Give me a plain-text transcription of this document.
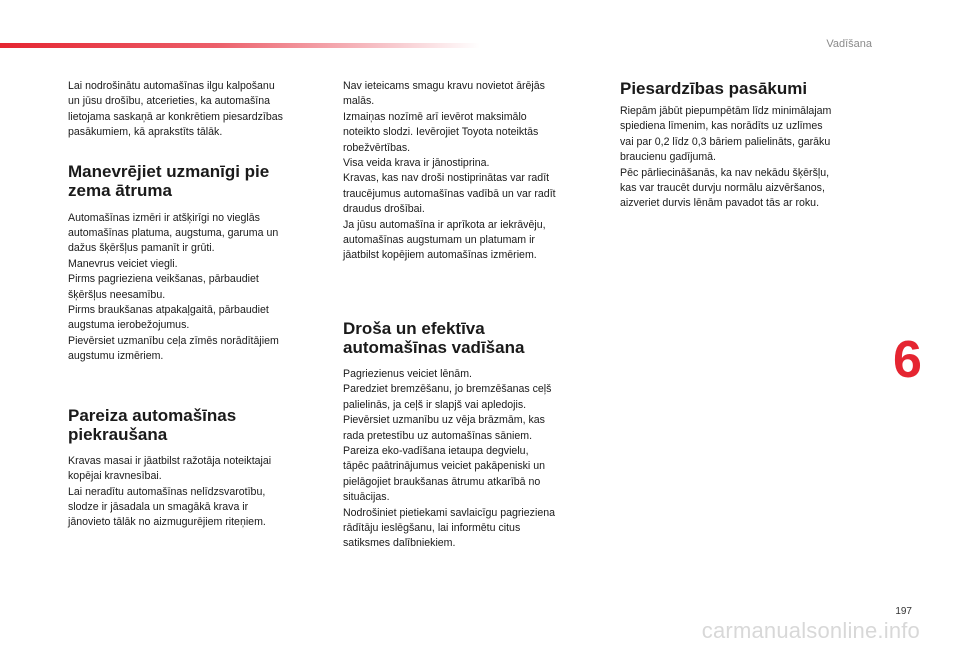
Vadīšana

Lai nodrošinātu automašīnas ilgu kalpošanu
un jūsu drošību, atcerieties, ka automašīna
lietojama saskaņā ar konkrētiem piesardzības
pasākumiem, kā aprakstīts tālāk.

Manevrējiet uzmanīgi pie
zema ātruma

Automašīnas izmēri ir atšķirīgi no vieglās
automašīnas platuma, augstuma, garuma un
dažus šķēršļus pamanīt ir grūti.
Manevrus veiciet viegli.
Pirms pagrieziena veikšanas, pārbaudiet
šķēršļus neesamību.
Pirms braukšanas atpakaļgaitā, pārbaudiet
augstuma ierobežojumus.
Pievērsiet uzmanību ceļa zīmēs norādītājiem
augstumu izmēriem.

Pareiza automašīnas
piekraušana

Kravas masai ir jāatbilst ražotāja noteiktajai
kopējai kravnesībai.
Lai neradītu automašīnas nelīdzsvarotību,
slodze ir jāsadala un smagākā krava ir
jānovieto tālāk no aizmugurējiem riteņiem.

Nav ieteicams smagu kravu novietot ārējās
malās.
Izmaiņas nozīmē arī ievērot maksimālo
noteikto slodzi. Ievērojiet Toyota noteiktās
robežvērtības.
Visa veida krava ir jānostiprina.
Kravas, kas nav droši nostiprinātas var radīt
traucējumus automašīnas vadībā un var radīt
draudus drošībai.
Ja jūsu automašīna ir aprīkota ar iekrāvēju,
automašīnas augstumam un platumam ir
jāatbilst kopējiem automašīnas izmēriem.

Droša un efektīva
automašīnas vadīšana

Pagriezienus veiciet lēnām.
Paredziet bremzēšanu, jo bremzēšanas ceļš
palielinās, ja ceļš ir slapjš vai apledojis.
Pievērsiet uzmanību uz vēja brāzmām, kas
rada pretestību uz automašīnas sāniem.
Pareiza eko-vadīšana ietaupa degvielu,
tāpēc paātrinājumus veiciet pakāpeniski un
pielāgojiet braukšanas ātrumu atkarībā no
situācijas.
Nodrošiniet pietiekami savlaicīgu pagrieziena
rādītāju ieslēgšanu, lai informētu citus
satiksmes dalībniekiem.

Piesardzības pasākumi

Riepām jābūt piepumpētām līdz minimālajam
spiediena līmenim, kas norādīts uz uzlīmes
vai par 0,2 līdz 0,3 bāriem palielināts, garāku
braucienu gadījumā.
Pēc pārliecināšanās, ka nav nekādu šķēršļu,
kas var traucēt durvju normālu aizvēršanos,
aizveriet durvis lēnām pavadot tās ar roku.

6
197
carmanualsonline.info
